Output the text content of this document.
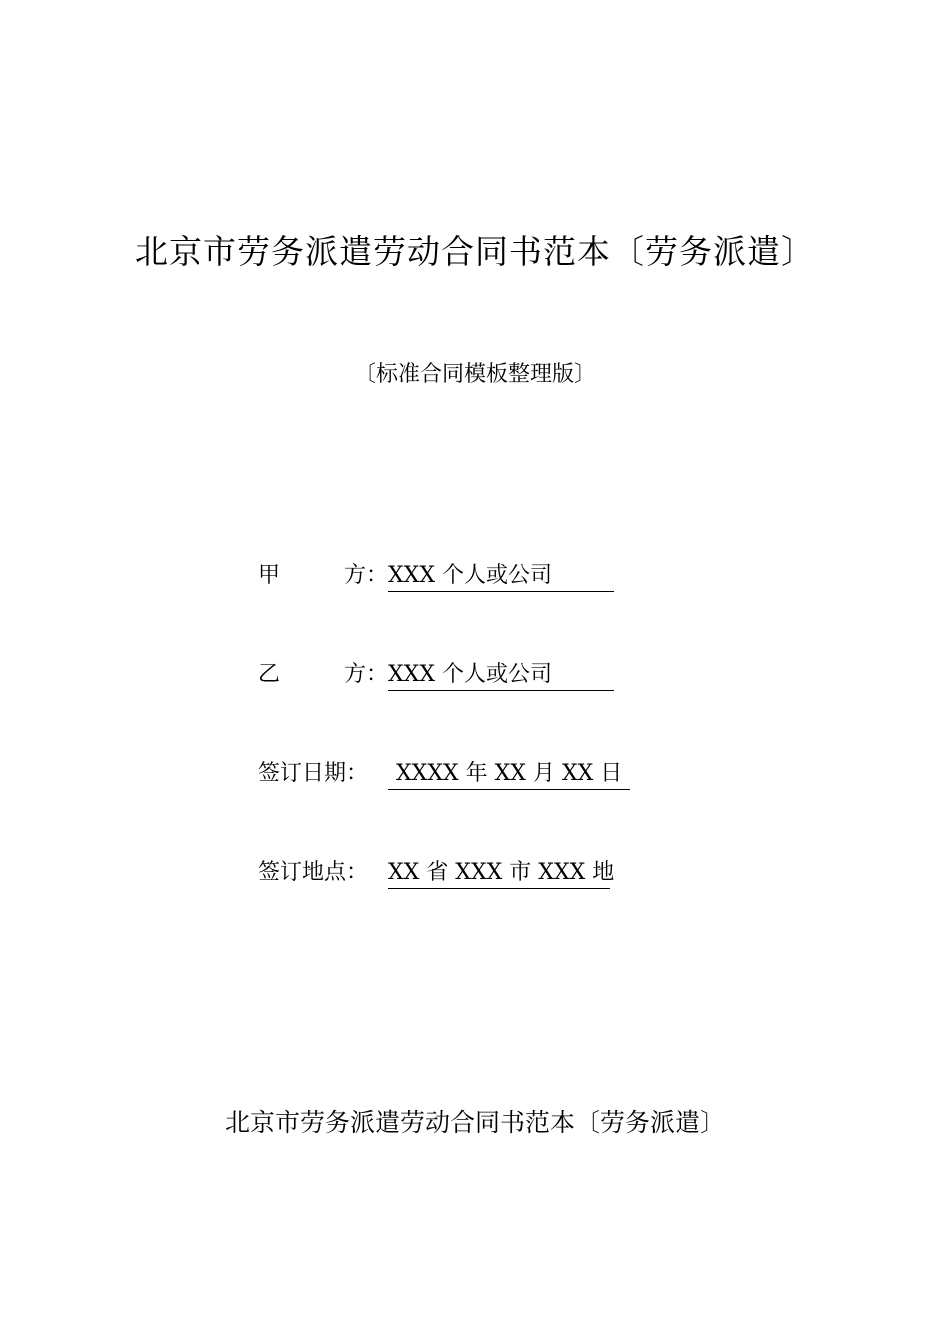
北京市劳务派遣劳动合同书范本〔劳务派遣〕
〔标准合同模板整理版〕
甲	方： XXX 个人或公司
乙	方： XXX 个人或公司
签订日期： XXXX 年 XX 月 XX 日
签订地点： XX 省 XXX 市 XXX 地
北京市劳务派遣劳动合同书范本〔劳务派遣〕
